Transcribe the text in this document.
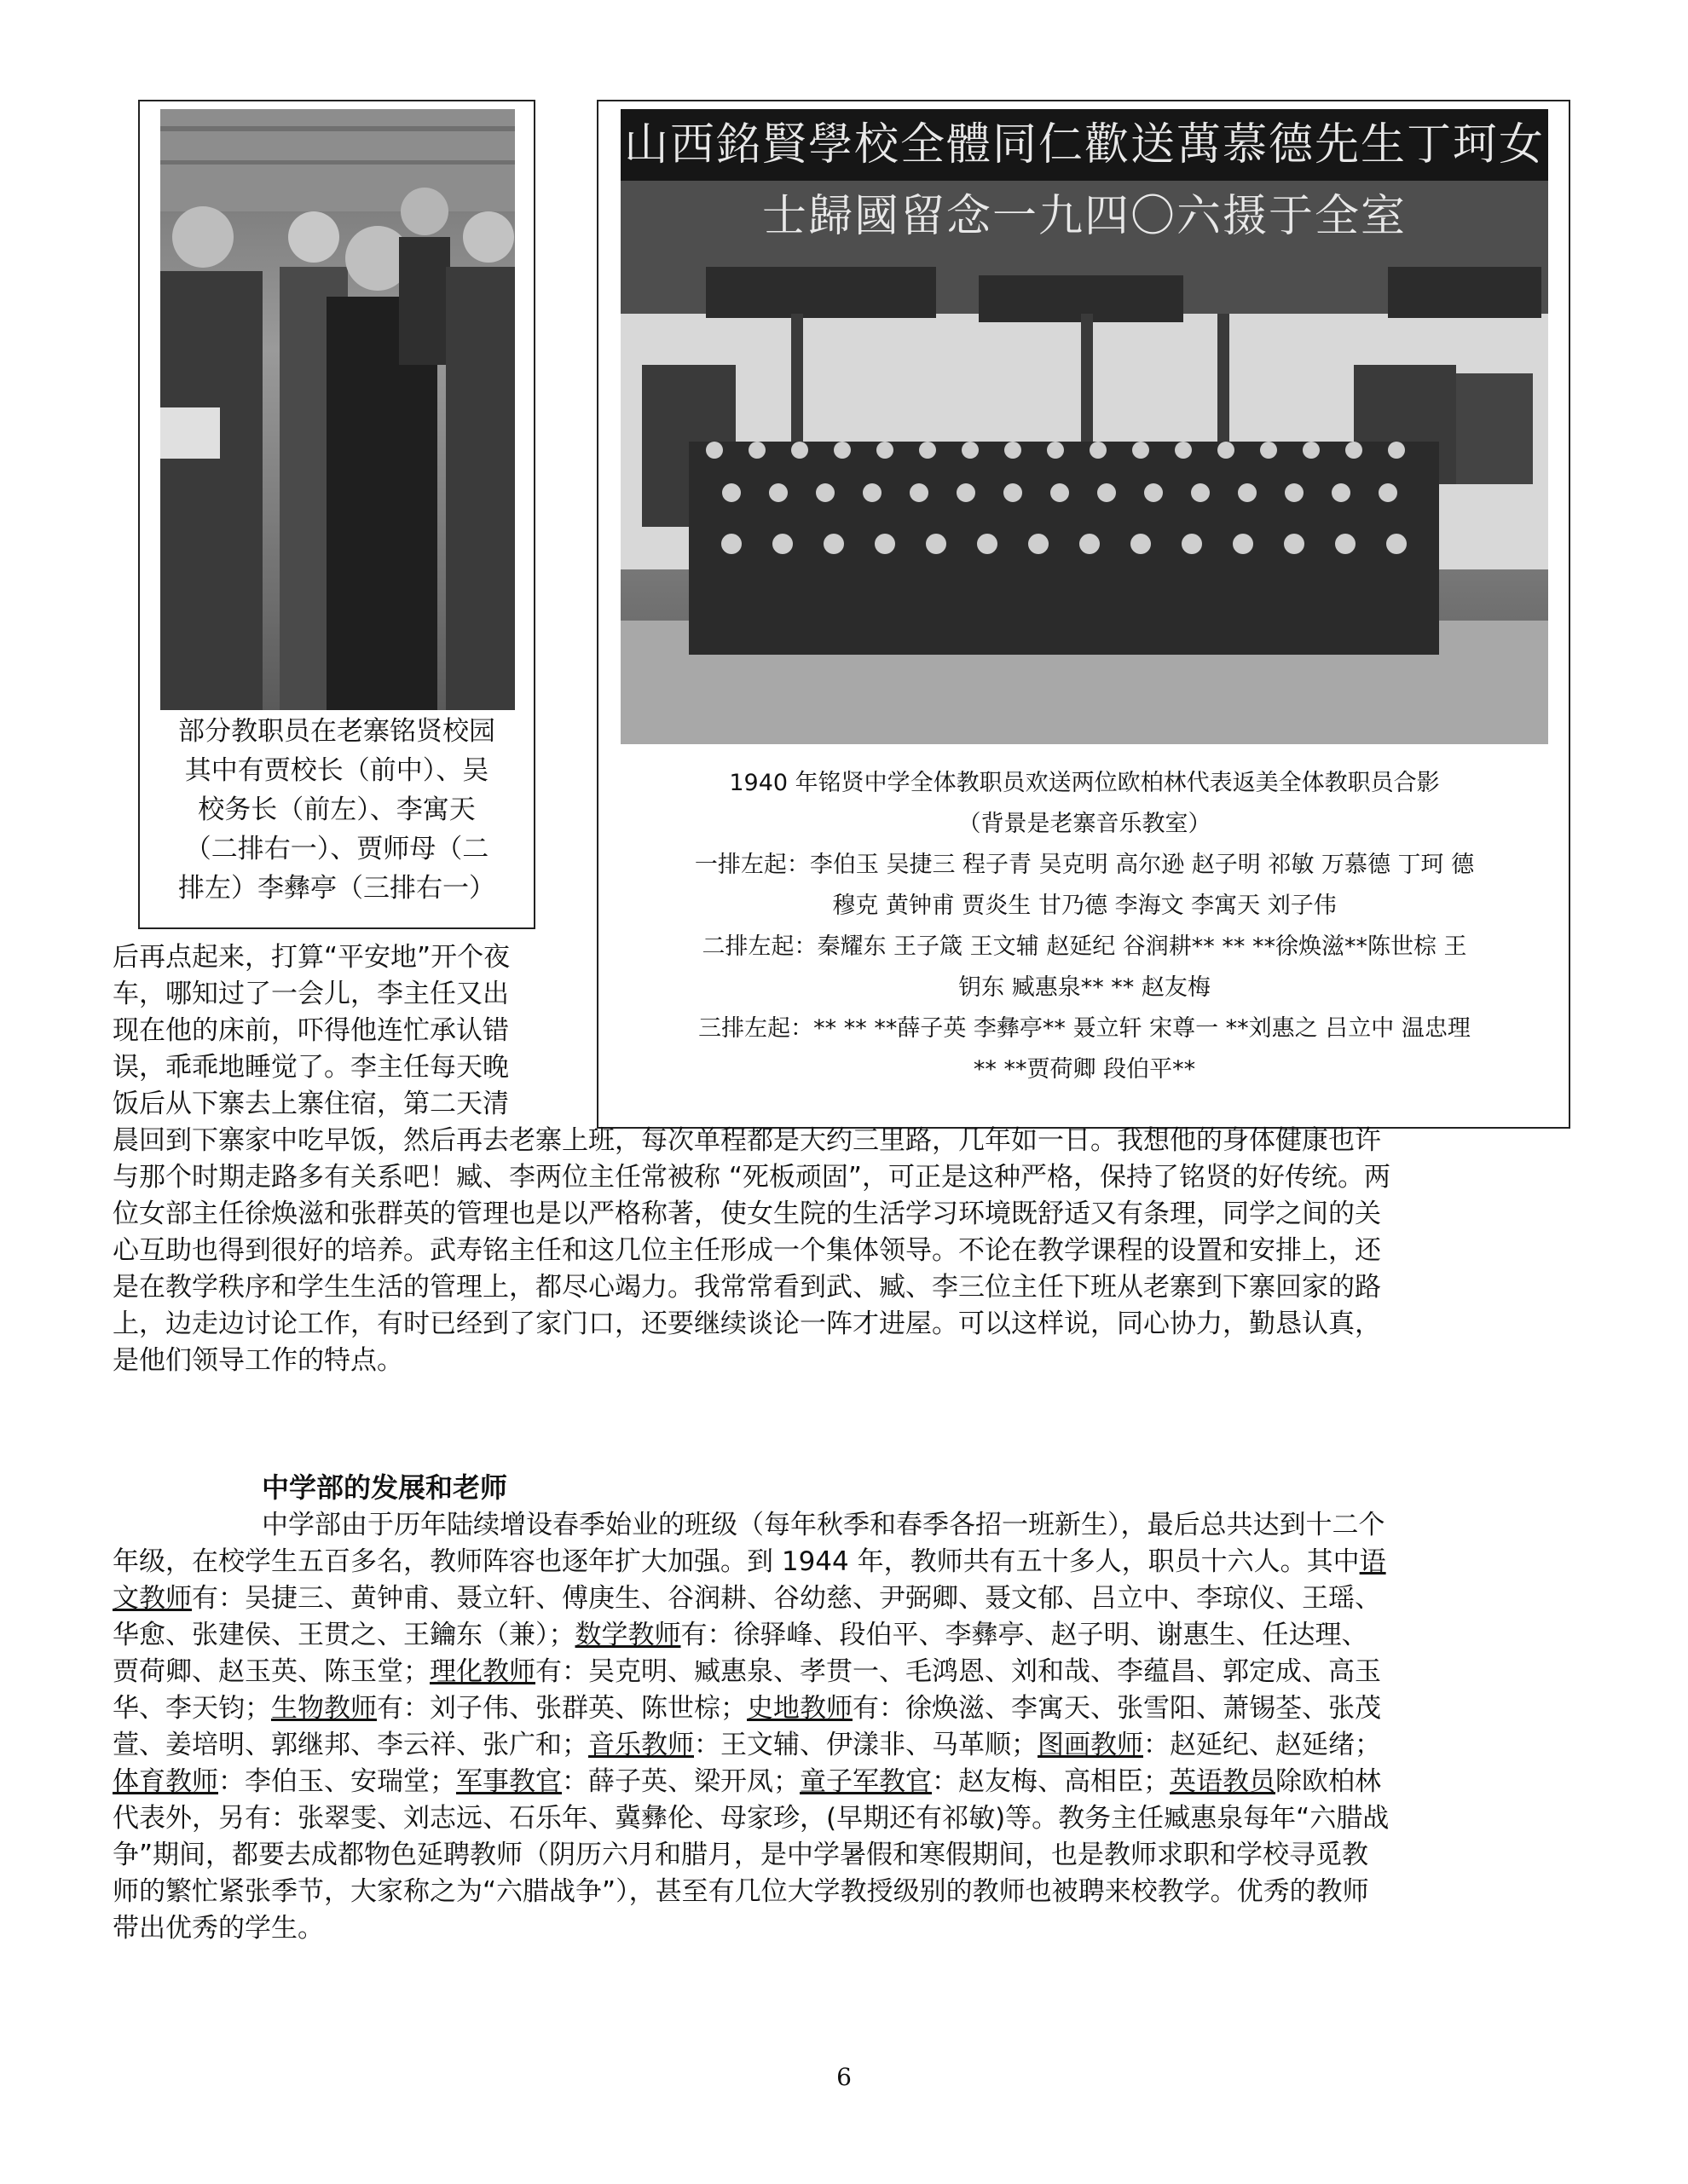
部分教职员在老寨铭贤校园
其中有贾校长（前中）、吴
校务长（前左）、李寓天
（二排右一）、贾师母（二
排左）李彝亭（三排右一）
山西銘賢學校全體同仁歡送萬慕德先生丁珂女士歸國留念一九四〇六摄于全室
1940 年铭贤中学全体教职员欢送两位欧柏林代表返美全体教职员合影
（背景是老寨音乐教室）
一排左起：李伯玉 吴捷三 程子青 吴克明 高尔逊 赵子明 祁敏 万慕德 丁珂 德
穆克 黄钟甫 贾炎生 甘乃德 李海文 李寓天 刘子伟
二排左起：秦耀东 王子箴 王文辅 赵延纪 谷润耕** ** **徐焕滋**陈世棕 王
钥东 臧惠泉** ** 赵友梅
三排左起：** ** **薛子英 李彝亭** 聂立轩 宋尊一 **刘惠之 吕立中 温忠理
** **贾荷卿 段伯平**
后再点起来，打算“平安地”开个夜
车，哪知过了一会儿，李主任又出
现在他的床前，吓得他连忙承认错
误，乖乖地睡觉了。李主任每天晚
饭后从下寨去上寨住宿，第二天清
晨回到下寨家中吃早饭，然后再去老寨上班，每次单程都是大约三里路，几年如一日。我想他的身体健康也许
与那个时期走路多有关系吧！臧、李两位主任常被称 “死板顽固”，可正是这种严格，保持了铭贤的好传统。两
位女部主任徐焕滋和张群英的管理也是以严格称著，使女生院的生活学习环境既舒适又有条理，同学之间的关
心互助也得到很好的培养。武寿铭主任和这几位主任形成一个集体领导。不论在教学课程的设置和安排上，还
是在教学秩序和学生生活的管理上，都尽心竭力。我常常看到武、臧、李三位主任下班从老寨到下寨回家的路
上，边走边讨论工作，有时已经到了家门口，还要继续谈论一阵才进屋。可以这样说，同心协力，勤恳认真，
是他们领导工作的特点。
中学部的发展和老师
中学部由于历年陆续增设春季始业的班级（每年秋季和春季各招一班新生），最后总共达到十二个
年级，在校学生五百多名，教师阵容也逐年扩大加强。到 1944 年，教师共有五十多人，职员十六人。其中语
文教师有：吴捷三、黄钟甫、聂立轩、傅庚生、谷润耕、谷幼慈、尹弼卿、聂文郁、吕立中、李琼仪、王瑶、
华愈、张建侯、王贯之、王鑰东（兼）；数学教师有：徐驿峰、段伯平、李彝亭、赵子明、谢惠生、任达理、
贾荷卿、赵玉英、陈玉堂；理化教师有：吴克明、臧惠泉、孝贯一、毛鸿恩、刘和哉、李蕴昌、郭定成、高玉
华、李天钧；生物教师有：刘子伟、张群英、陈世棕；史地教师有：徐焕滋、李寓天、张雪阳、萧锡荃、张茂
萱、姜培明、郭继邦、李云祥、张广和；音乐教师：王文辅、伊漾非、马革顺；图画教师：赵延纪、赵延绪；
体育教师：李伯玉、安瑞堂；军事教官：薛子英、梁开凤；童子军教官：赵友梅、高相臣；英语教员除欧柏林
代表外，另有：张翠雯、刘志远、石乐年、冀彝伦、母家珍，(早期还有祁敏)等。教务主任臧惠泉每年“六腊战
争”期间，都要去成都物色延聘教师（阴历六月和腊月，是中学暑假和寒假期间，也是教师求职和学校寻觅教
师的繁忙紧张季节，大家称之为“六腊战争”），甚至有几位大学教授级别的教师也被聘来校教学。优秀的教师
带出优秀的学生。
6
